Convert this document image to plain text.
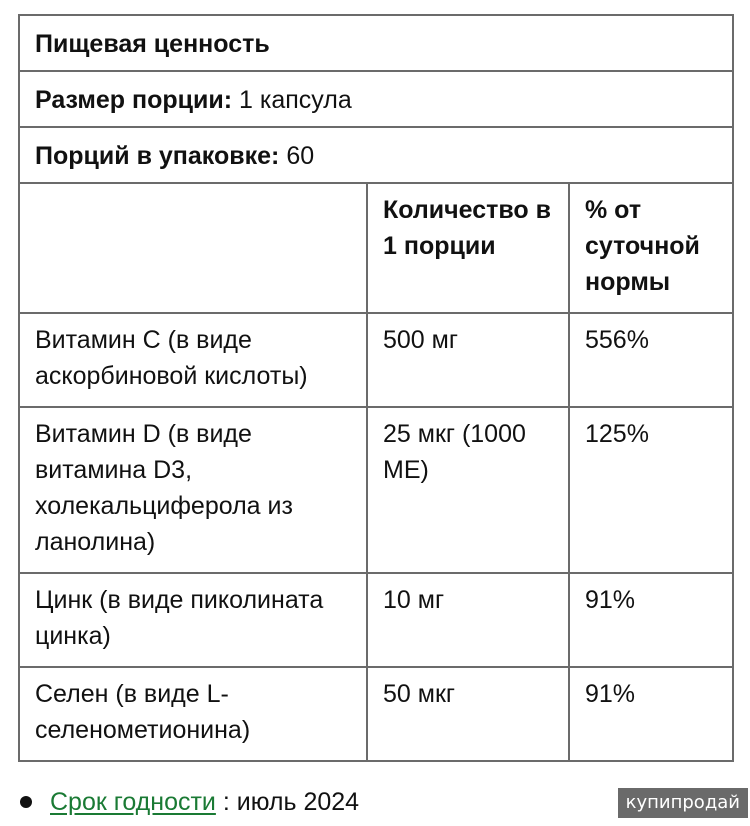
Пищевая ценность		
Размер порции: 1 капсула		
Порций в упаковке: 60		
	Количество в 1 порции	% от суточной нормы
Витамин C (в виде аскорбиновой кислоты)	500 мг	556%
Витамин D (в виде витамина D3, холекальциферола из ланолина)	25 мкг (1000 МЕ)	125%
Цинк (в виде пиколината цинка)	10 мг	91%
Селен (в виде L-селенометионина)	50 мкг	91%
Срок годности : июль 2024	купипродай
